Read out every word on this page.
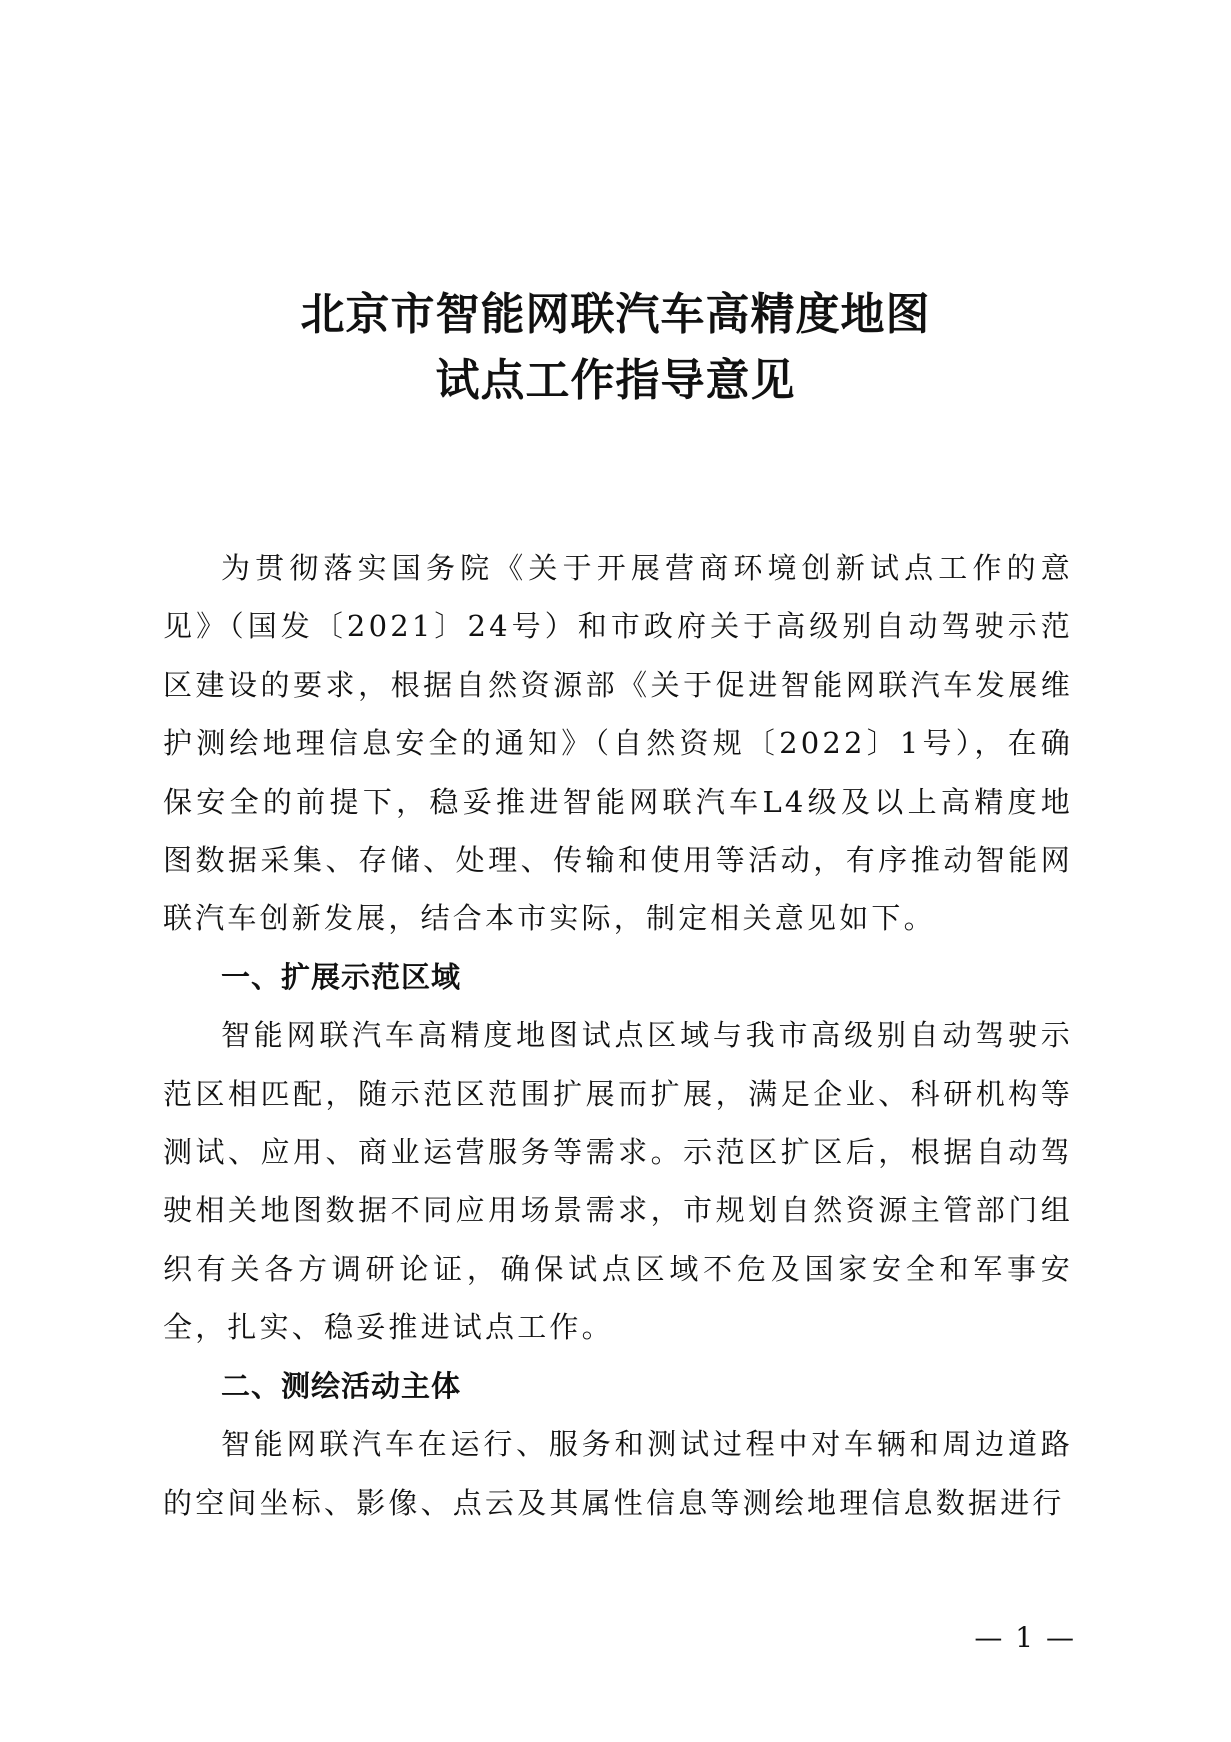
北京市智能网联汽车高精度地图
试点工作指导意见

为贯彻落实国务院《关于开展营商环境创新试点工作的意见》（国发〔2021〕24号）和市政府关于高级别自动驾驶示范区建设的要求，根据自然资源部《关于促进智能网联汽车发展维护测绘地理信息安全的通知》（自然资规〔2022〕1号），在确保安全的前提下，稳妥推进智能网联汽车L4级及以上高精度地图数据采集、存储、处理、传输和使用等活动，有序推动智能网联汽车创新发展，结合本市实际，制定相关意见如下。

一、扩展示范区域

智能网联汽车高精度地图试点区域与我市高级别自动驾驶示范区相匹配，随示范区范围扩展而扩展，满足企业、科研机构等测试、应用、商业运营服务等需求。示范区扩区后，根据自动驾驶相关地图数据不同应用场景需求，市规划自然资源主管部门组织有关各方调研论证，确保试点区域不危及国家安全和军事安全，扎实、稳妥推进试点工作。

二、测绘活动主体

智能网联汽车在运行、服务和测试过程中对车辆和周边道路的空间坐标、影像、点云及其属性信息等测绘地理信息数据进行

— 1 —
